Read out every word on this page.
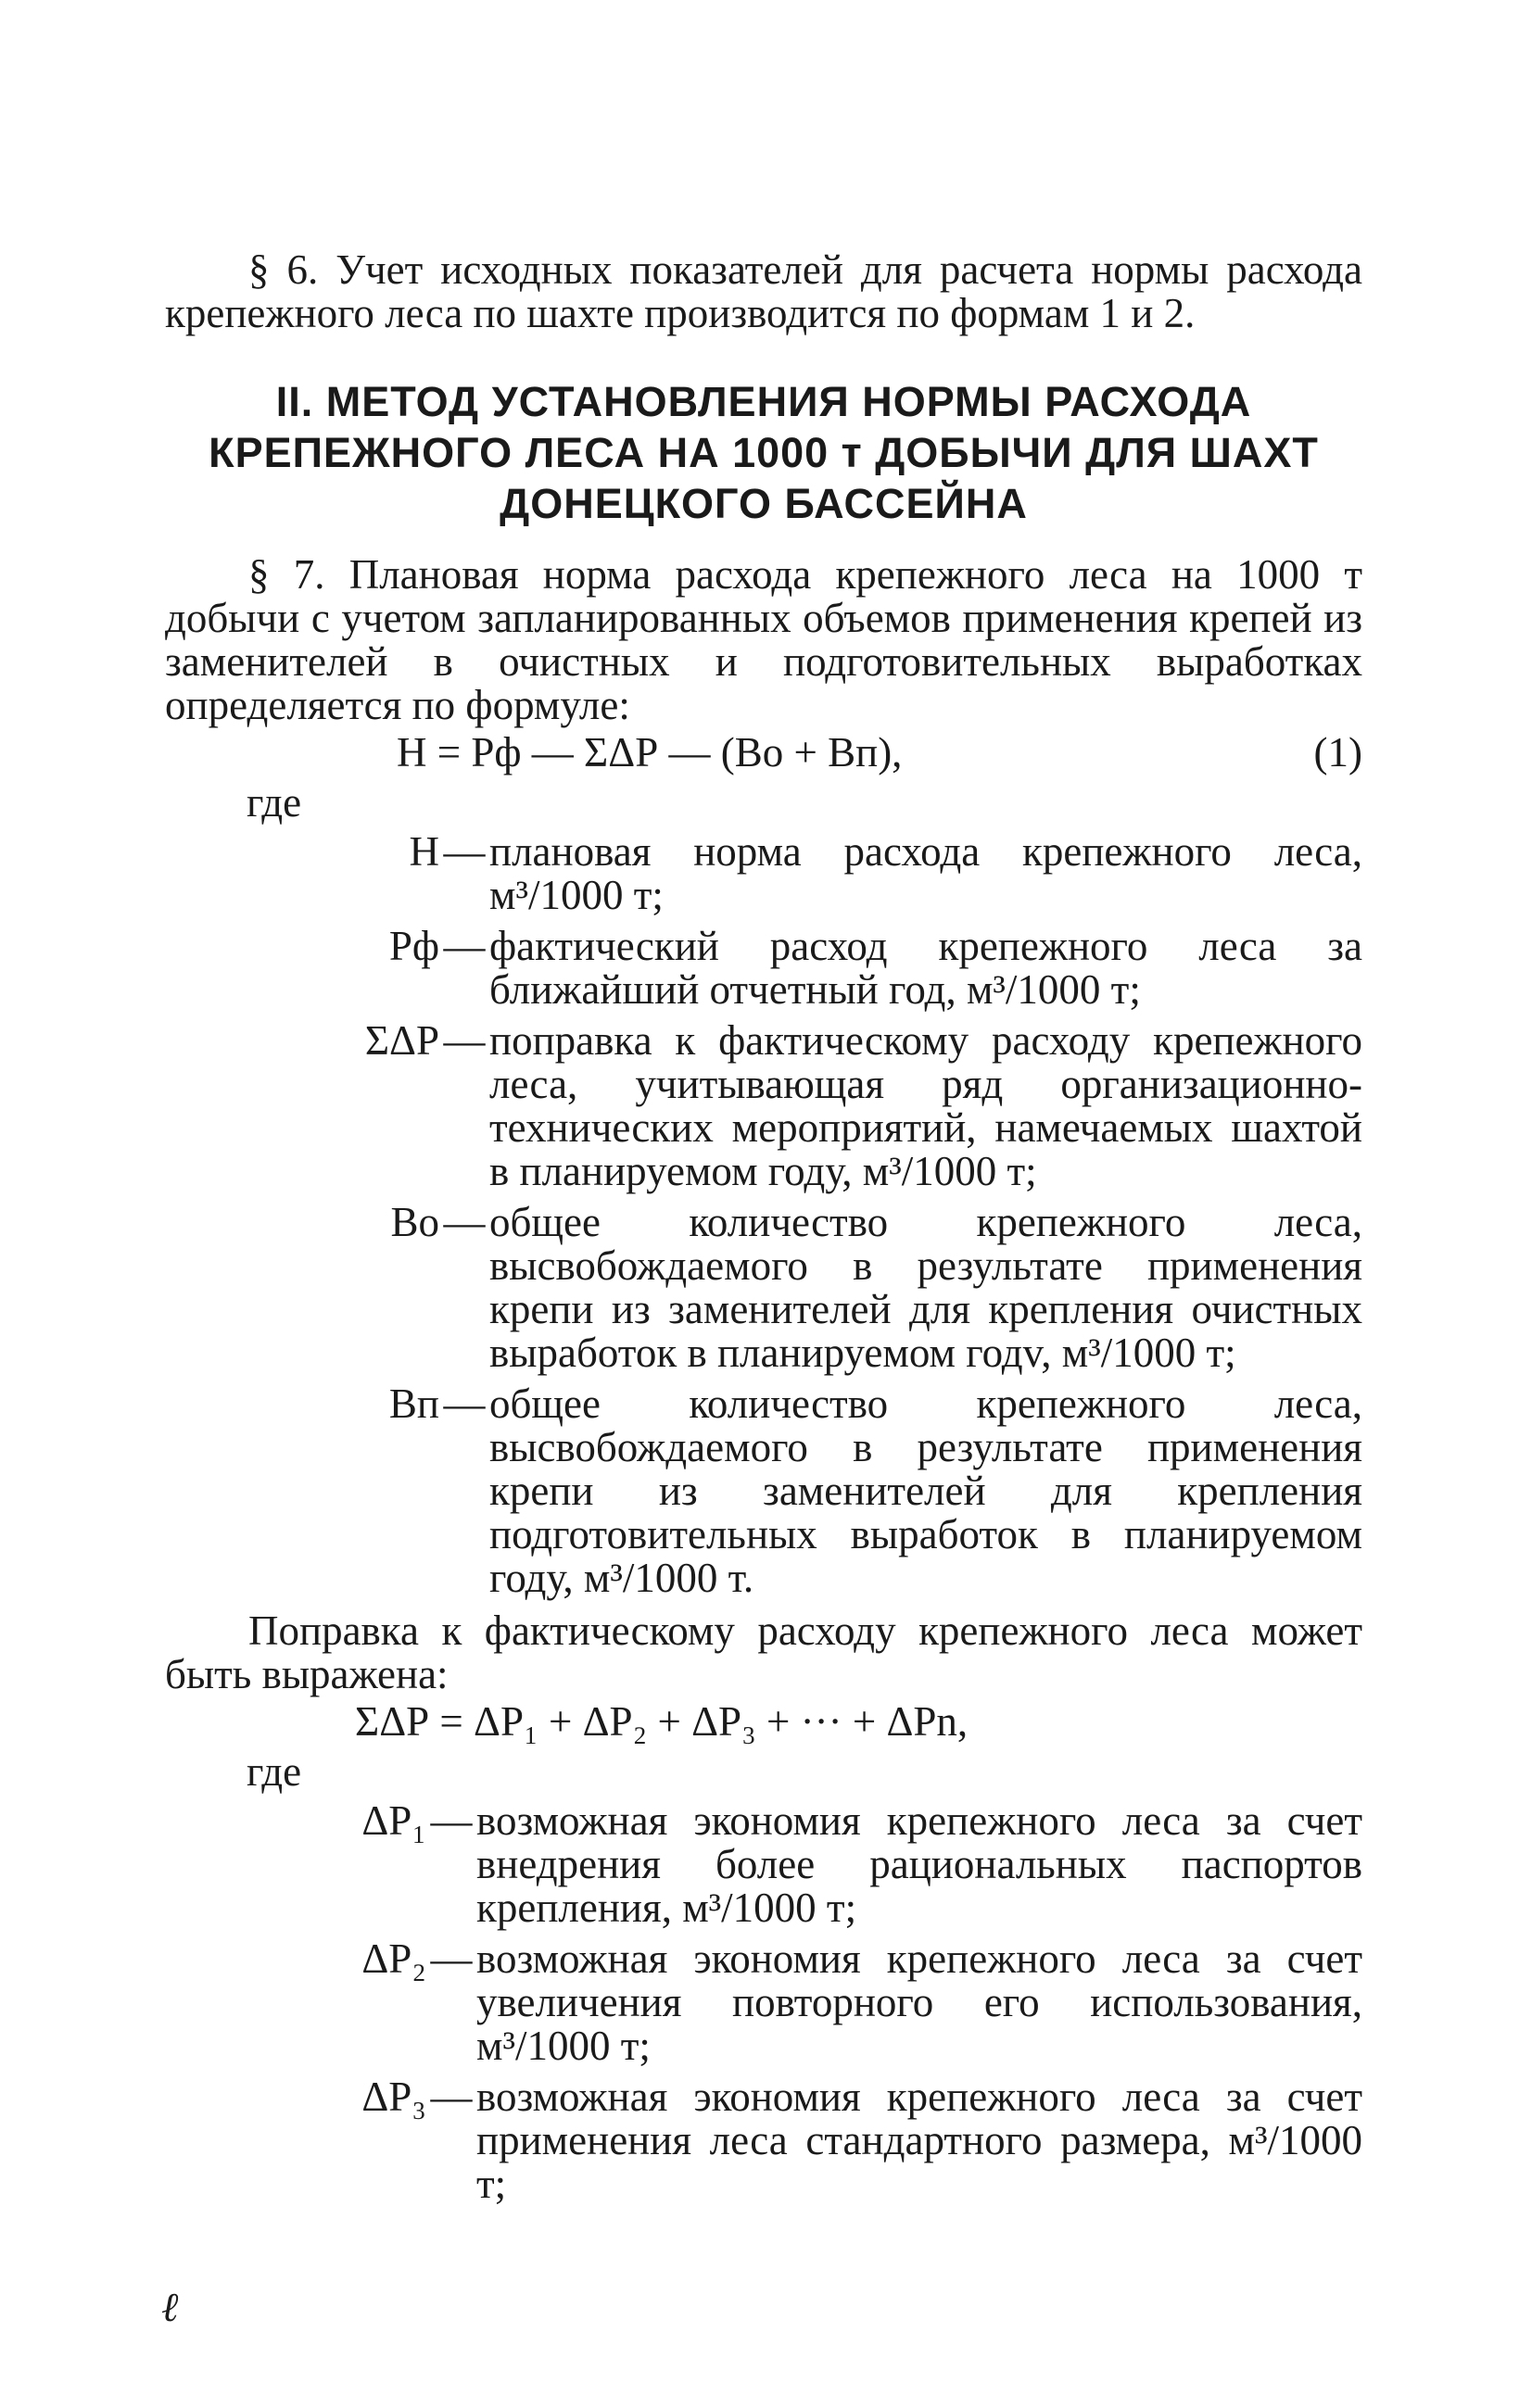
§ 6. Учет исходных показателей для расчета нормы расхода крепежного леса по шахте производится по формам 1 и 2.

II. МЕТОД УСТАНОВЛЕНИЯ НОРМЫ РАСХОДА
КРЕПЕЖНОГО ЛЕСА НА 1000 т ДОБЫЧИ ДЛЯ ШАХТ
ДОНЕЦКОГО БАССЕЙНА

§ 7. Плановая норма расхода крепежного леса на 1000 т добычи с учетом запланированных объемов применения крепей из заменителей в очистных и подготовительных выработках определяется по формуле:

Н = Рф — ΣΔР — (Во + Вп),	(1)
где
Н — плановая норма расхода крепежного леса, м³/1000 т;
Рф — фактический расход крепежного леса за ближайший отчетный год, м³/1000 т;
ΣΔР — поправка к фактическому расходу крепежного леса, учитывающая ряд организационно-технических мероприятий, намечаемых шахтой в планируемом году, м³/1000 т;
Во — общее количество крепежного леса, высвобождаемого в результате применения крепи из заменителей для крепления очистных выработок в планируемом годv, м³/1000 т;
Вп — общее количество крепежного леса, высвобождаемого в результате применения крепи из заменителей для крепления подготовительных выработок в планируемом году, м³/1000 т.

Поправка к фактическому расходу крепежного леса может быть выражена:

ΣΔР = ΔР₁ + ΔР₂ + ΔР₃ + ··· + ΔРn,
где
ΔР₁ — возможная экономия крепежного леса за счет внедрения более рациональных паспортов крепления, м³/1000 т;
ΔР₂ — возможная экономия крепежного леса за счет увеличения повторного его использования, м³/1000 т;
ΔР₃ — возможная экономия крепежного леса за счет применения леса стандартного размера, м³/1000 т;
ℓ
